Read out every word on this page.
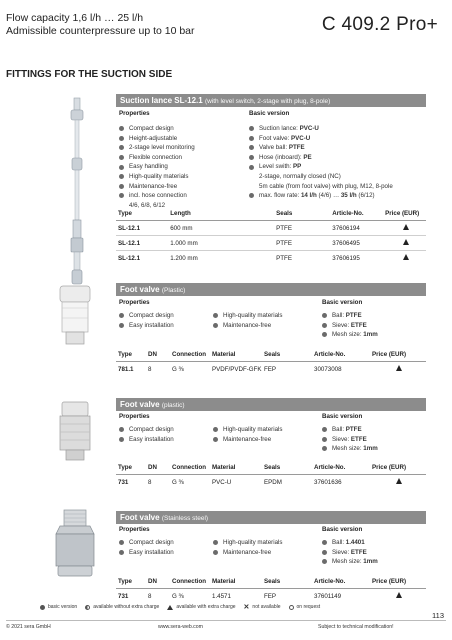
Flow capacity 1,6 l/h … 25 l/h
Admissible counterpressure up to 10 bar	C 409.2 Pro+
FITTINGS FOR THE SUCTION SIDE
Suction lance SL-12.1 (with level switch, 2-stage with plug, 8-pole)
Properties	Basic version
Compact design
Height-adjustable
2-stage level monitoring
Flexible connection
Easy handling
High-quality materials
Maintenance-free
incl. hose connection
4/6, 6/8, 6/12
Suction lance: PVC-U
Foot valve: PVC-U
Valve ball: PTFE
Hose (inboard): PE
Level swith: PP
2-stage, normally closed (NC)
5m cable (from foot valve) with plug, M12, 8-pole
max. flow rate: 14 l/h (4/6) … 35 l/h (6/12)
Type	Length	Seals	Article-No.	Price (EUR)
SL-12.1	600 mm	PTFE	37606194	
SL-12.1	1.000 mm	PTFE	37606495	
SL-12.1	1.200 mm	PTFE	37606195	
Foot valve (Plastic)
Properties	Basic version
Compact design
Easy installation
High-quality materials
Maintenance-free
Ball: PTFE
Sieve: ETFE
Mesh size: 1mm
Type	DN	Connection	Material	Seals	Article-No.	Price (EUR)
781.1	8	G ⅜	PVDF/PVDF-GFK	FEP	30073008	
Foot valve (plastic)
Properties	Basic version
Compact design
Easy installation
High-quality materials
Maintenance-free
Ball: PTFE
Sieve: ETFE
Mesh size: 1mm
Type	DN	Connection	Material	Seals	Article-No.	Price (EUR)
731	8	G ⅜	PVC-U	EPDM	37601636	
Foot valve (Stainless steel)
Properties	Basic version
Compact design
Easy installation
High-quality materials
Maintenance-free
Ball: 1.4401
Sieve: ETFE
Mesh size: 1mm
Type	DN	Connection	Material	Seals	Article-No.	Price (EUR)
731	8	G ⅜	1.4571	FEP	37601149	
basic version	available without extra charge	available with extra charge ✕ not available	on request
113
© 2021 sera GmbH	www.sera-web.com	Subject to technical modification!
